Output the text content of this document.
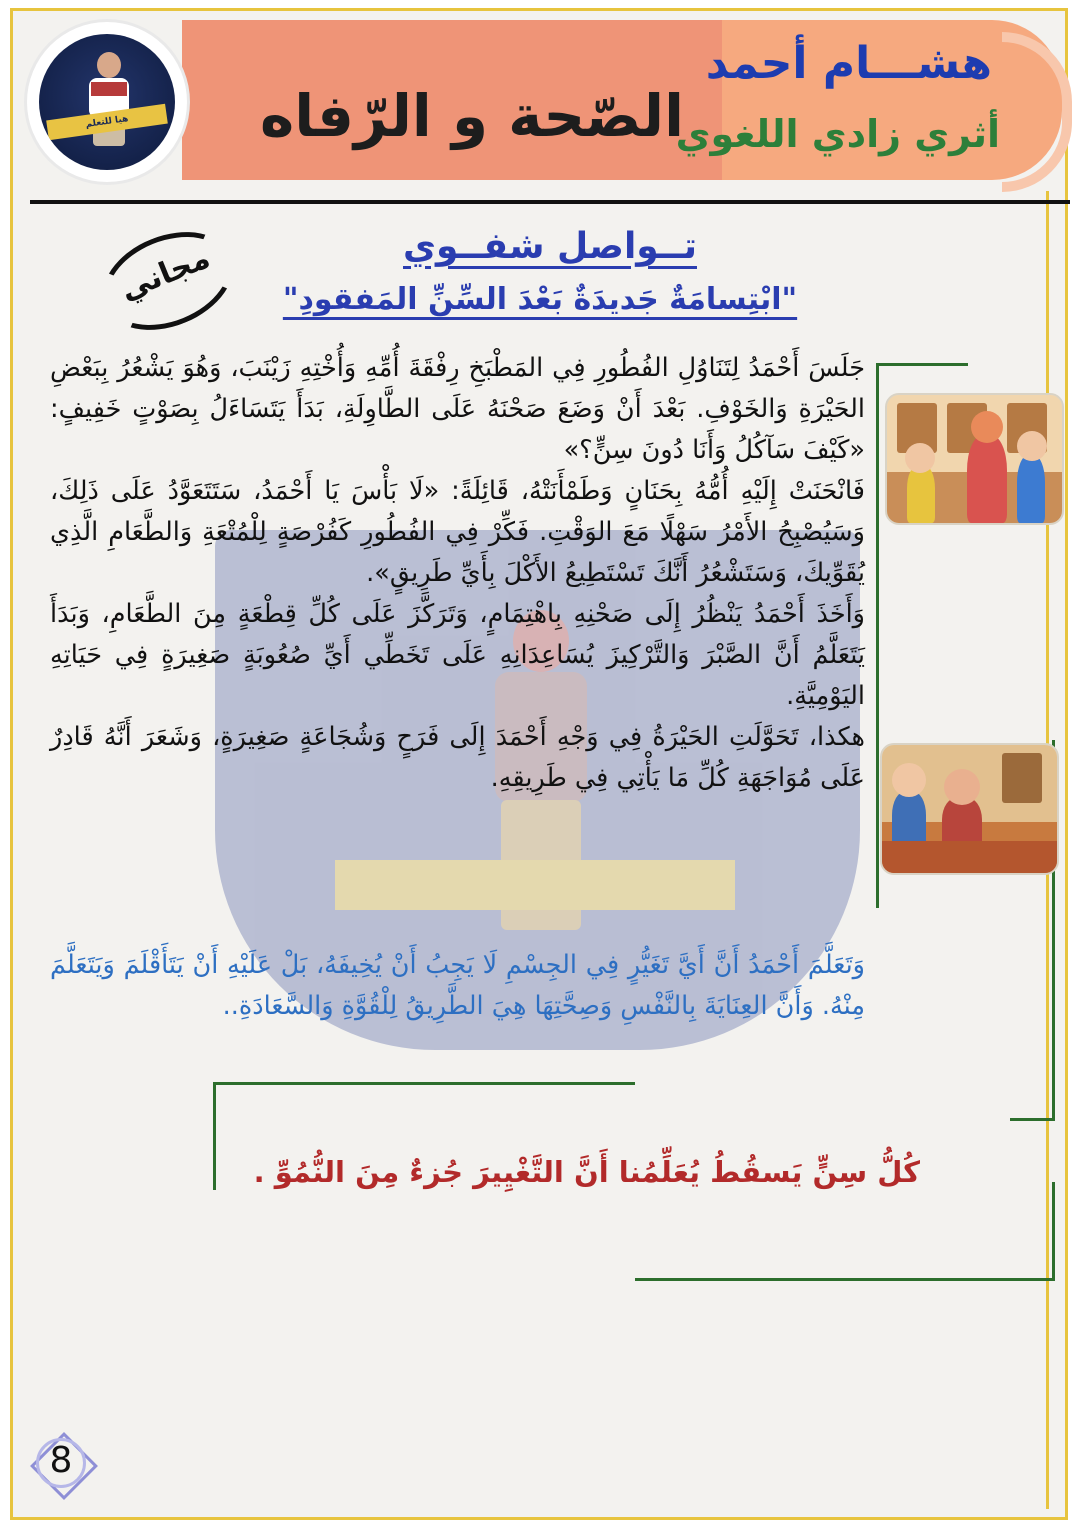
هيا للتعلم	الصّحة و الرّفاه
هشـــام أحمد
أثري زادي اللغوي
مجاني	تــواصل شفــوي
"ابْتِسامَةٌ جَديدَةٌ بَعْدَ السِّنِّ المَفقودِ"

جَلَسَ أَحْمَدُ لِتَنَاوُلِ الفُطُورِ فِي المَطْبَخِ رِفْقَةَ أُمِّهِ وَأُخْتِهِ زَيْنَبَ، وَهُوَ يَشْعُرُ بِبَعْضِ الحَيْرَةِ وَالخَوْفِ. بَعْدَ أَنْ وَضَعَ صَحْنَهُ عَلَى الطَّاوِلَةِ، بَدَأَ يَتَسَاءَلُ بِصَوْتٍ خَفِيفٍ: «كَيْفَ سَآكُلُ وَأَنَا دُونَ سِنٍّ؟»

فَانْحَنَتْ إِلَيْهِ أُمُّهُ بِحَنَانٍ وَطَمْأَنَتْهُ، قَائِلَةً: «لَا بَأْسَ يَا أَحْمَدُ، سَتَتَعَوَّدُ عَلَى ذَلِكَ، وَسَيُصْبِحُ الأَمْرُ سَهْلًا مَعَ الوَقْتِ. فَكِّرْ فِي الفُطُورِ كَفُرْصَةٍ لِلْمُتْعَةِ وَالطَّعَامِ الَّذِي يُقَوِّيكَ، وَسَتَشْعُرُ أَنَّكَ تَسْتَطِيعُ الأَكْلَ بِأَيِّ طَرِيقٍ».

وَأَخَذَ أَحْمَدُ يَنْظُرُ إِلَى صَحْنِهِ بِاهْتِمَامٍ، وَتَرَكَّزَ عَلَى كُلِّ قِطْعَةٍ مِنَ الطَّعَامِ، وَبَدَأَ يَتَعَلَّمُ أَنَّ الصَّبْرَ وَالتَّرْكِيزَ يُسَاعِدَانِهِ عَلَى تَخَطِّي أَيِّ صُعُوبَةٍ صَغِيرَةٍ فِي حَيَاتِهِ اليَوْمِيَّةِ.

هكذا، تَحَوَّلَتِ الحَيْرَةُ فِي وَجْهِ أَحْمَدَ إِلَى فَرَحٍ وَشُجَاعَةٍ صَغِيرَةٍ، وَشَعَرَ أَنَّهُ قَادِرٌ عَلَى مُوَاجَهَةِ كُلِّ مَا يَأْتِي فِي طَرِيقِهِ.

وَتَعَلَّمَ أَحْمَدُ أَنَّ أَيَّ تَغَيُّرٍ فِي الجِسْمِ لَا يَجِبُ أَنْ يُخِيفَهُ، بَلْ عَلَيْهِ أَنْ يَتَأَقْلَمَ وَيَتَعَلَّمَ مِنْهُ. وَأَنَّ العِنَايَةَ بِالنَّفْسِ وَصِحَّتِهَا هِيَ الطَّرِيقُ لِلْقُوَّةِ وَالسَّعَادَةِ..

كُلُّ سِنٍّ يَسقُطُ يُعَلِّمُنا أَنَّ التَّغْيِيرَ جُزءٌ مِنَ النُّمُوِّ .
8
